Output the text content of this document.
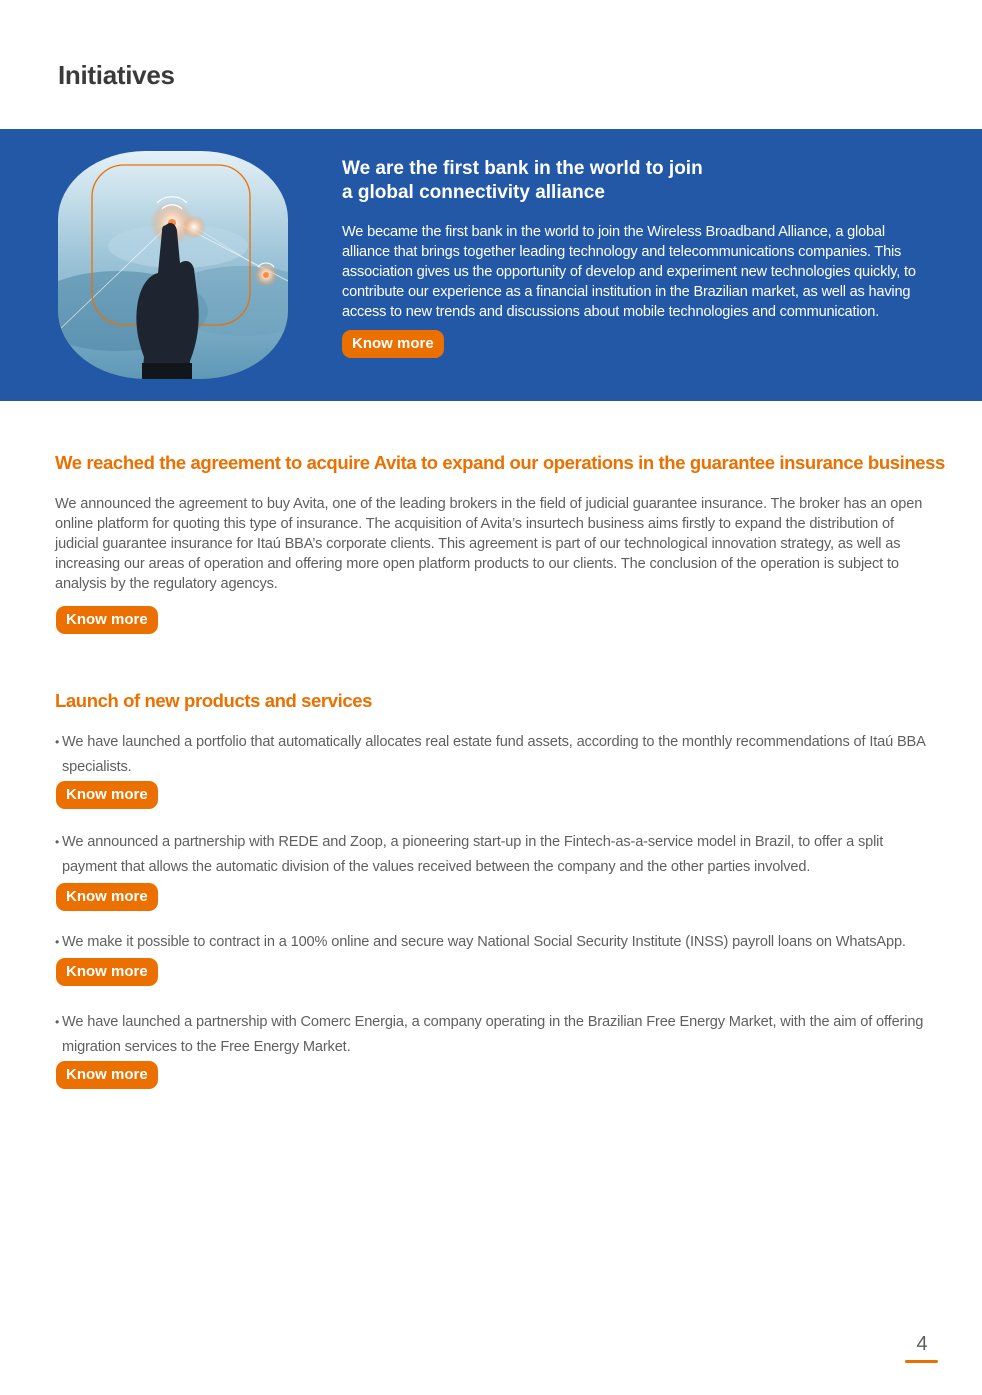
Initiatives
We are the first bank in the world to join
a global connectivity alliance

We became the first bank in the world to join the Wireless Broadband Alliance, a global alliance that brings together leading technology and telecommunications companies. This association gives us the opportunity of develop and experiment new technologies quickly, to contribute our experience as a financial institution in the Brazilian market, as well as having access to new trends and discussions about mobile technologies and communication.

Know more
We reached the agreement to acquire Avita to expand our operations in the guarantee insurance business

We announced the agreement to buy Avita, one of the leading brokers in the field of judicial guarantee insurance. The broker has an open online platform for quoting this type of insurance. The acquisition of Avita’s insurtech business aims firstly to expand the distribution of judicial guarantee insurance for Itaú BBA’s corporate clients. This agreement is part of our technological innovation strategy, as well as increasing our areas of operation and offering more open platform products to our clients. The conclusion of the operation is subject to analysis by the regulatory agencys.

Know more
Launch of new products and services

• We have launched a portfolio that automatically allocates real estate fund assets, according to the monthly recommendations of Itaú BBA specialists.

Know more

• We announced a partnership with REDE and Zoop, a pioneering start-up in the Fintech-as-a-service model in Brazil, to offer a split payment that allows the automatic division of the values received between the company and the other parties involved.

Know more

• We make it possible to contract in a 100% online and secure way National Social Security Institute (INSS) payroll loans on WhatsApp.

Know more

• We have launched a partnership with Comerc Energia, a company operating in the Brazilian Free Energy Market, with the aim of offering migration services to the Free Energy Market.

Know more
4
